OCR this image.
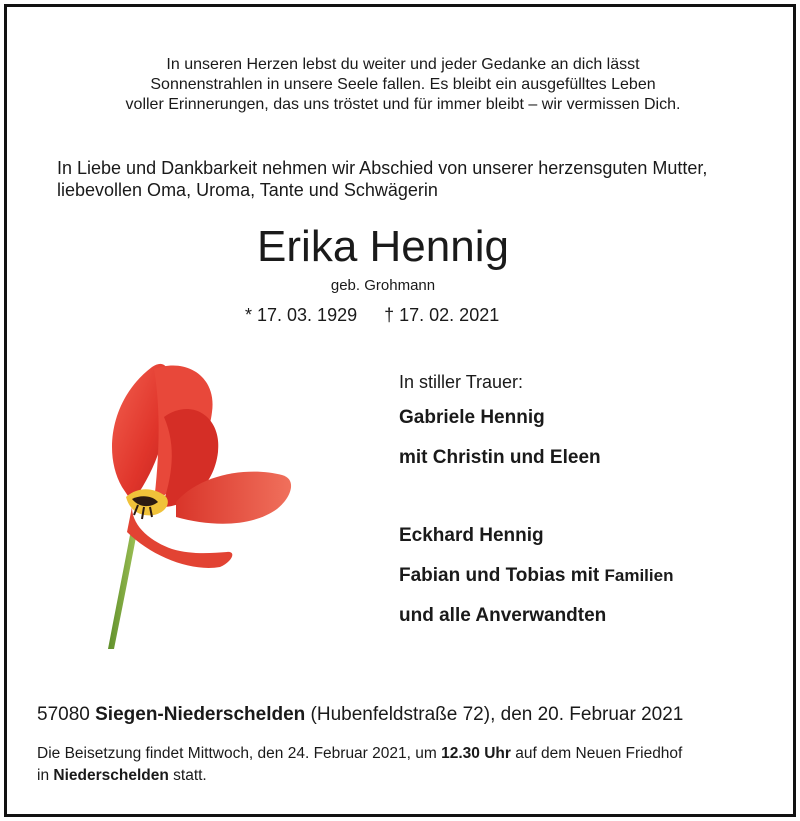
In unseren Herzen lebst du weiter und jeder Gedanke an dich lässt
Sonnenstrahlen in unsere Seele fallen. Es bleibt ein ausgefülltes Leben
voller Erinnerungen, das uns tröstet und für immer bleibt – wir vermissen Dich.
In Liebe und Dankbarkeit nehmen wir Abschied von unserer herzensguten Mutter,
liebevollen Oma, Uroma, Tante und Schwägerin
Erika Hennig
geb. Grohmann
* 17. 03. 1929 † 17. 02. 2021
In stiller Trauer:
Gabriele Hennig
mit Christin und Eleen
Eckhard Hennig
Fabian und Tobias mit Familien
und alle Anverwandten
57080 Siegen-Niederschelden (Hubenfeldstraße 72), den 20. Februar 2021
Die Beisetzung findet Mittwoch, den 24. Februar 2021, um 12.30 Uhr auf dem Neuen Friedhof
in Niederschelden statt.
